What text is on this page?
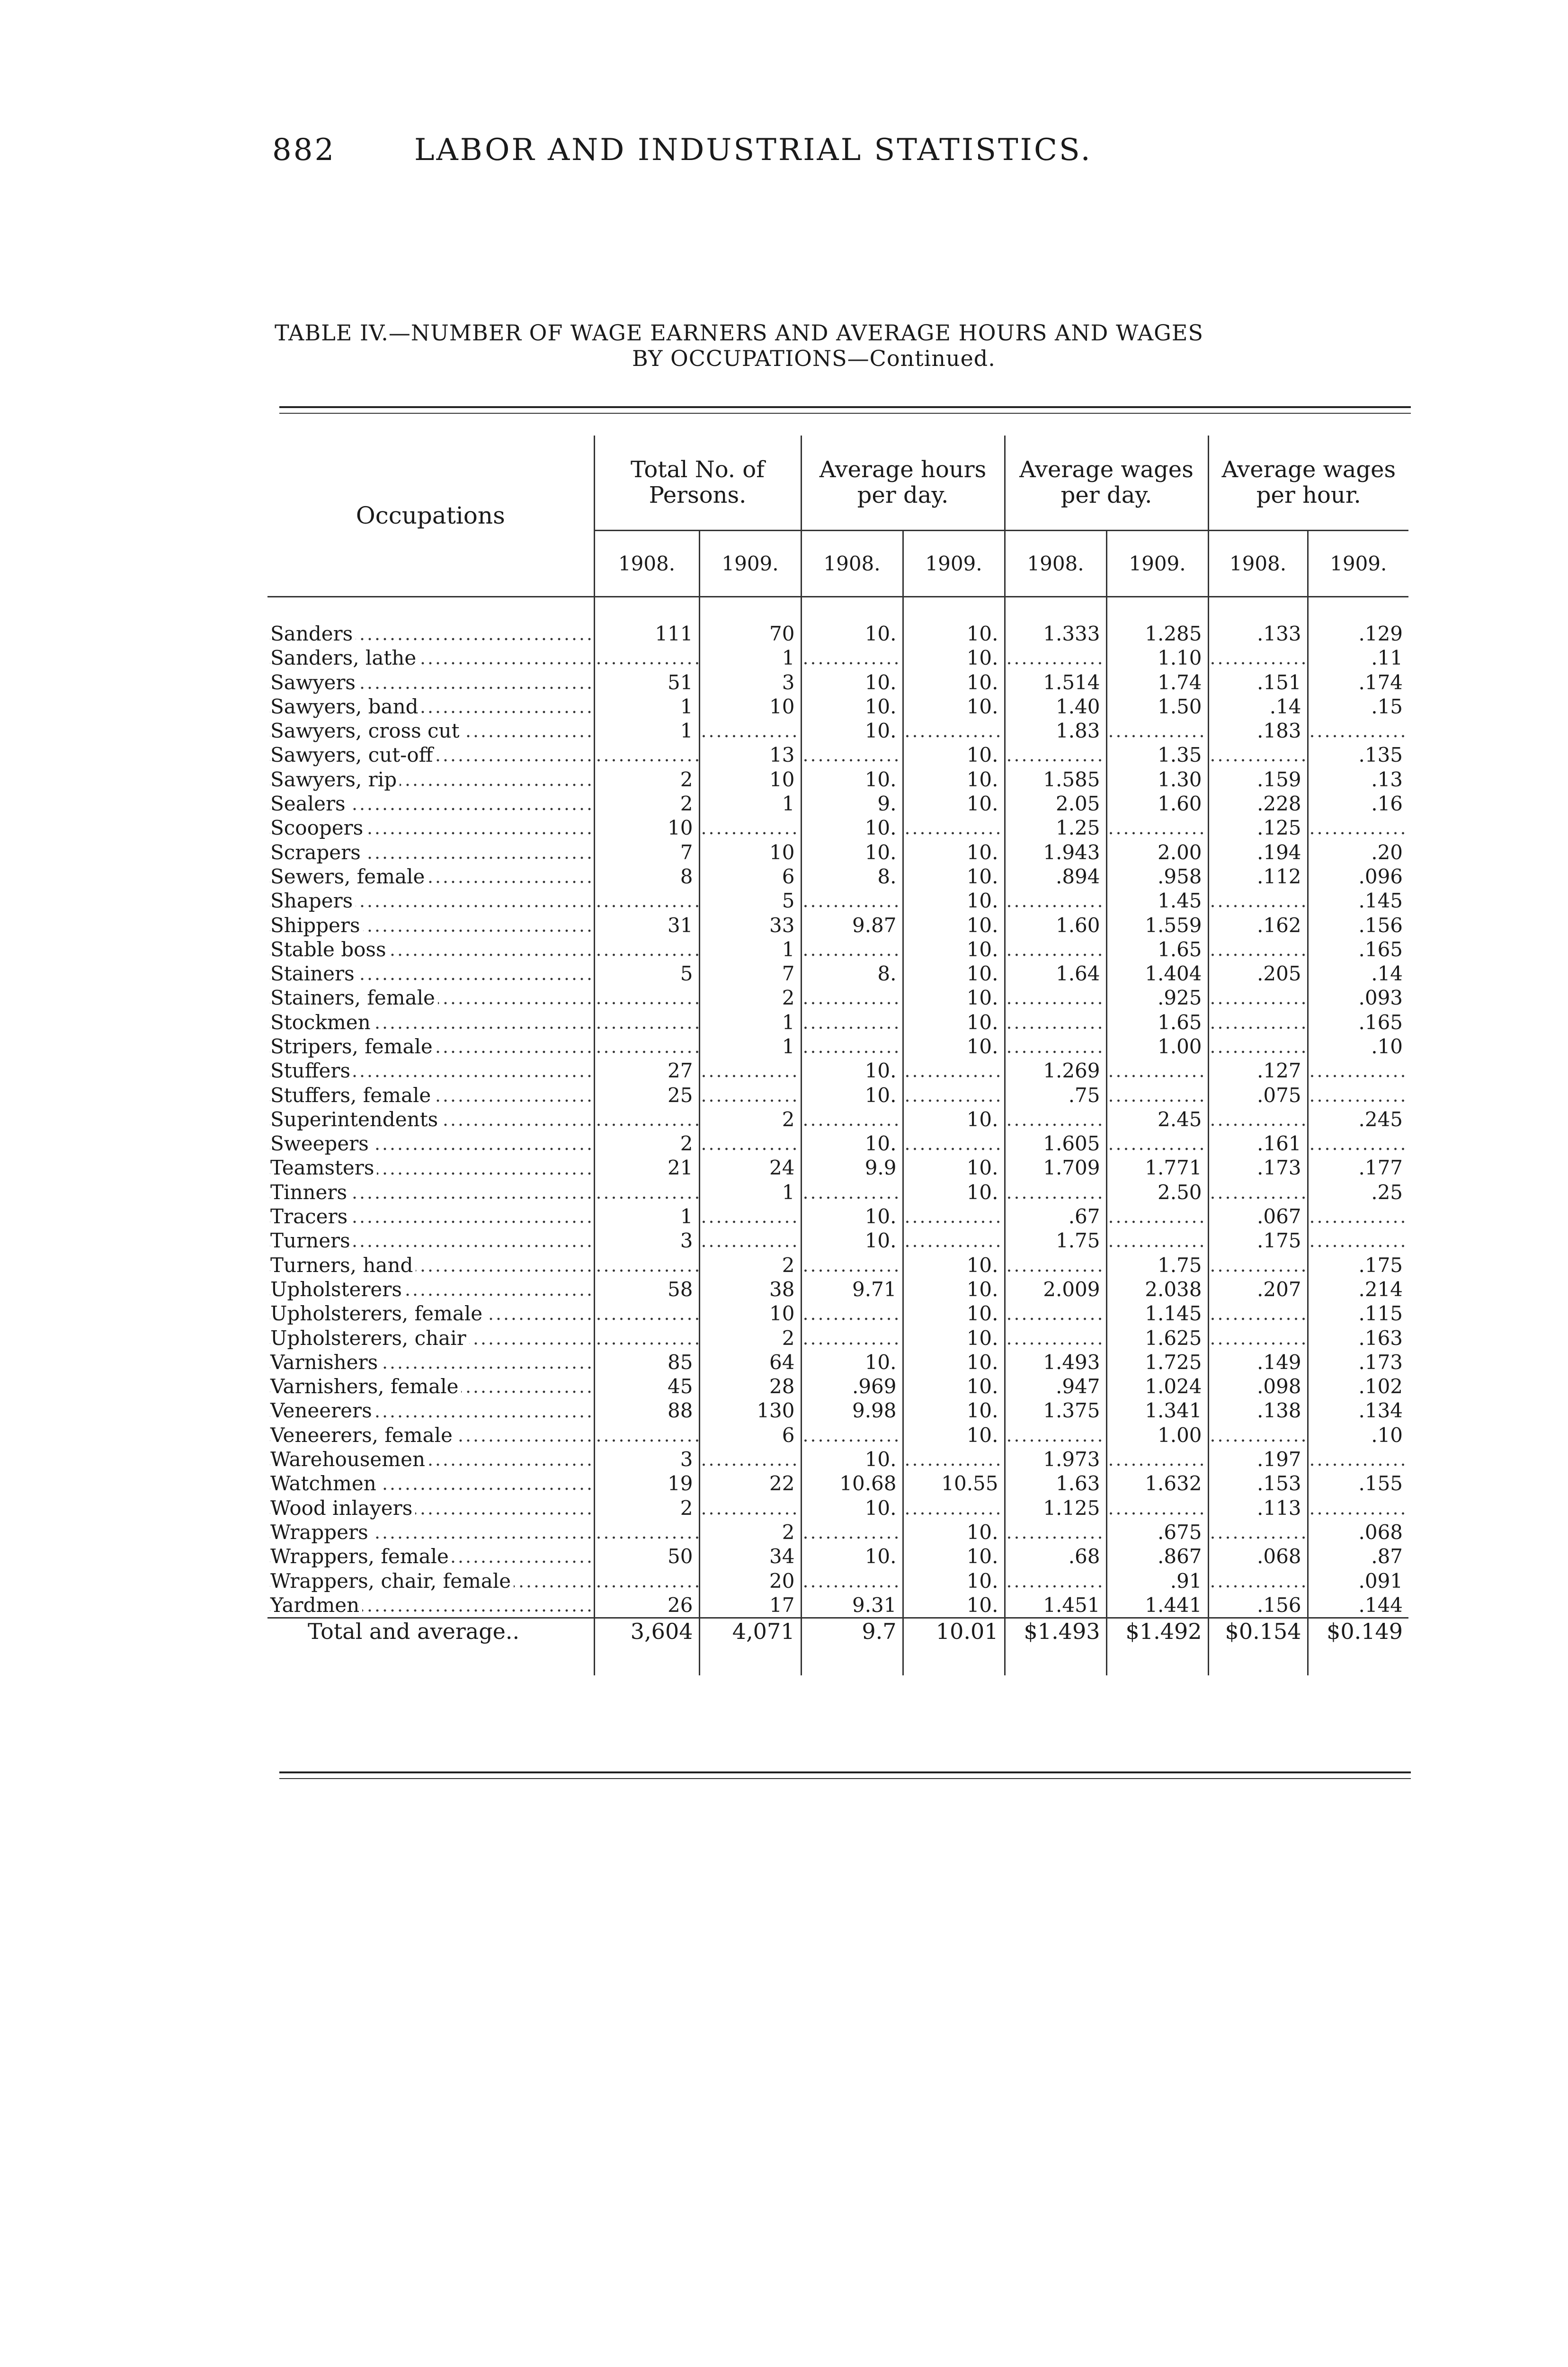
882	LABOR AND INDUSTRIAL STATISTICS.
TABLE IV.—NUMBER OF WAGE EARNERS AND AVERAGE HOURS AND WAGES
BY OCCUPATIONS—Continued.
Occupations	Total No. of Persons.		Average hours per day.		Average wages per day.		Average wages per hour.	
	1908.	1909.	1908.	1909.	1908.	1909.	1908.	1909.

Sanders	111	70	10.	10.	1.333	1.285	.133	.129
Sanders, lathe		1		10.		1.10		.11
Sawyers	51	3	10.	10.	1.514	1.74	.151	.174
Sawyers, band	1	10	10.	10.	1.40	1.50	.14	.15
Sawyers, cross cut	1		10.		1.83		.183	
Sawyers, cut-off		13		10.		1.35		.135
Sawyers, rip	2	10	10.	10.	1.585	1.30	.159	.13
Sealers	2	1	9.	10.	2.05	1.60	.228	.16
Scoopers	10		10.		1.25		.125	
Scrapers	7	10	10.	10.	1.943	2.00	.194	.20
Sewers, female	8	6	8.	10.	.894	.958	.112	.096
Shapers		5		10.		1.45		.145
Shippers	31	33	9.87	10.	1.60	1.559	.162	.156
Stable boss		1		10.		1.65		.165
Stainers	5	7	8.	10.	1.64	1.404	.205	.14
Stainers, female		2		10.		.925		.093
Stockmen		1		10.		1.65		.165
Stripers, female		1		10.		1.00		.10
Stuffers	27		10.		1.269		.127	
Stuffers, female	25		10.		.75		.075	
Superintendents		2		10.		2.45		.245
Sweepers	2		10.		1.605		.161	
Teamsters	21	24	9.9	10.	1.709	1.771	.173	.177
Tinners		1		10.		2.50		.25
Tracers	1		10.		.67		.067	
Turners	3		10.		1.75		.175	
Turners, hand		2		10.		1.75		.175
Upholsterers	58	38	9.71	10.	2.009	2.038	.207	.214
Upholsterers, female		10		10.		1.145		.115
Upholsterers, chair		2		10.		1.625		.163
Varnishers	85	64	10.	10.	1.493	1.725	.149	.173
Varnishers, female	45	28	.969	10.	.947	1.024	.098	.102
Veneerers	88	130	9.98	10.	1.375	1.341	.138	.134
Veneerers, female		6		10.		1.00		.10
Warehousemen	3		10.		1.973		.197	
Watchmen	19	22	10.68	10.55	1.63	1.632	.153	.155
Wood inlayers	2		10.		1.125		.113	
Wrappers		2		10.		.675		.068
Wrappers, female	50	34	10.	10.	.68	.867	.068	.87
Wrappers, chair, female		20		10.		.91		.091
Yardmen	26	17	9.31	10.	1.451	1.441	.156	.144
Total and average..	3,604	4,071	9.7	10.01	$1.493	$1.492	$0.154	$0.149
